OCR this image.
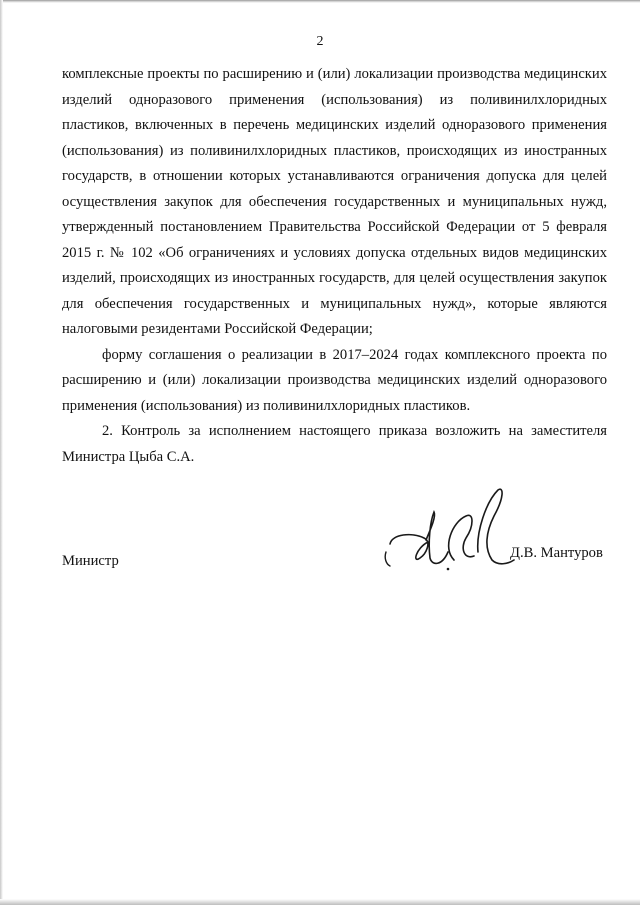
2

комплексные проекты по расширению и (или) локализации производства медицинских изделий одноразового применения (использования) из поливинилхлоридных пластиков, включенных в перечень медицинских изделий одноразового применения (использования) из поливинилхлоридных пластиков, происходящих из иностранных государств, в отношении которых устанавливаются ограничения допуска для целей осуществления закупок для обеспечения государственных и муниципальных нужд, утвержденный постановлением Правительства Российской Федерации от 5 февраля 2015 г. № 102 «Об ограничениях и условиях допуска отдельных видов медицинских изделий, происходящих из иностранных государств, для целей осуществления закупок для обеспечения государственных и муниципальных нужд», которые являются налоговыми резидентами Российской Федерации;

форму соглашения о реализации в 2017–2024 годах комплексного проекта по расширению и (или) локализации производства медицинских изделий одноразового применения (использования) из поливинилхлоридных пластиков.

2. Контроль за исполнением настоящего приказа возложить на заместителя Министра Цыба С.А.

Министр	Д.В. Мантуров
